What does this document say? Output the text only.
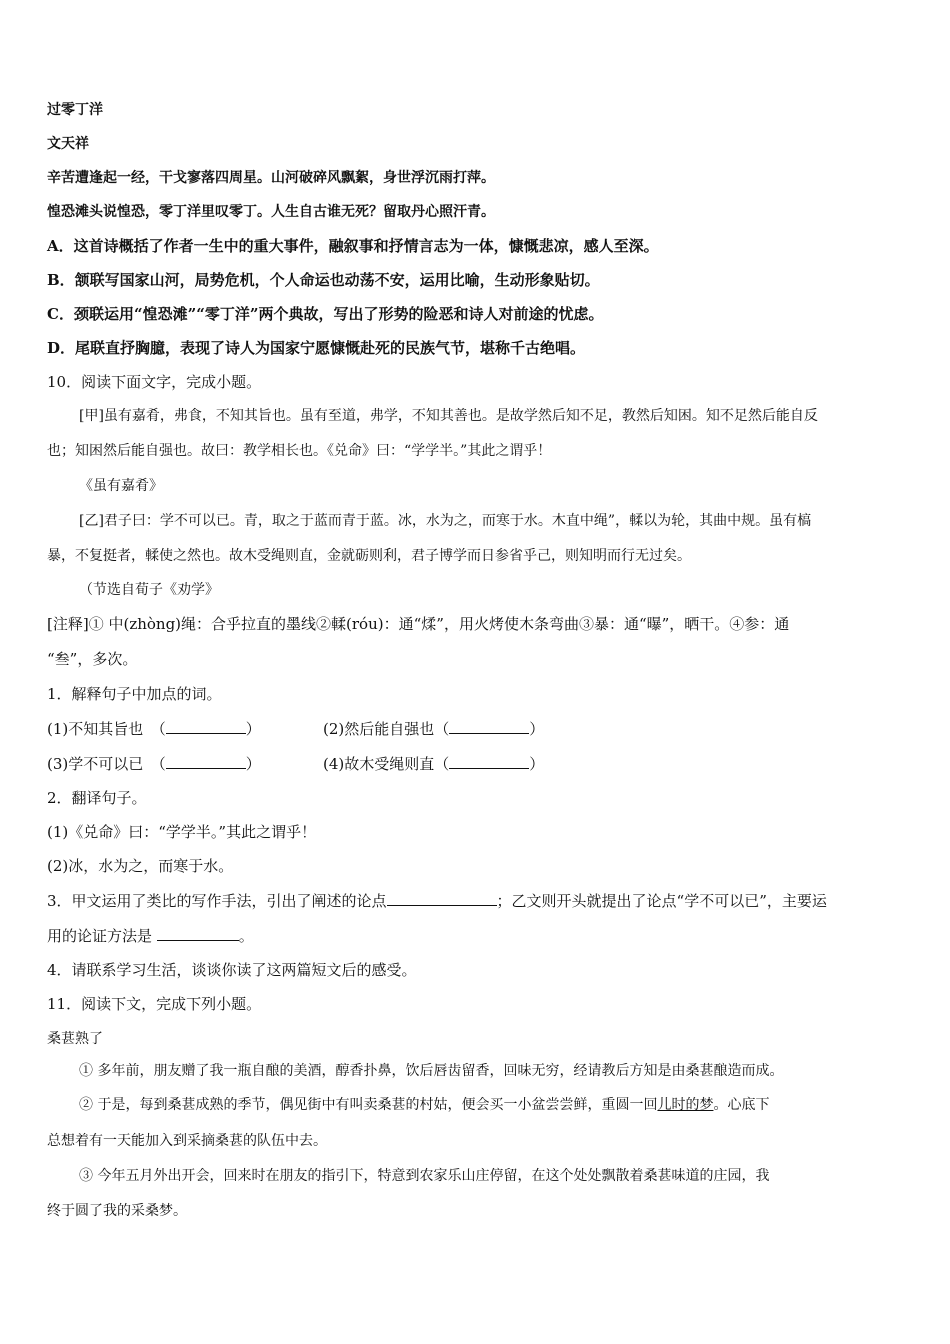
过零丁洋
文天祥
辛苦遭逢起一经，干戈寥落四周星。山河破碎风飘絮，身世浮沉雨打萍。
惶恐滩头说惶恐，零丁洋里叹零丁。人生自古谁无死？留取丹心照汗青。
A．这首诗概括了作者一生中的重大事件，融叙事和抒情言志为一体，慷慨悲凉，感人至深。
B．颔联写国家山河，局势危机，个人命运也动荡不安，运用比喻，生动形象贴切。
C．颈联运用“惶恐滩”“零丁洋”两个典故，写出了形势的险恶和诗人对前途的忧虑。
D．尾联直抒胸臆，表现了诗人为国家宁愿慷慨赴死的民族气节，堪称千古绝唱。
10．阅读下面文字，完成小题。
[甲]虽有嘉肴，弗食，不知其旨也。虽有至道，弗学，不知其善也。是故学然后知不足，教然后知困。知不足然后能自反
也；知困然后能自强也。故曰：教学相长也。《兑命》曰：“学学半。”其此之谓乎！
《虽有嘉肴》
[乙]君子曰：学不可以已。青，取之于蓝而青于蓝。冰，水为之，而寒于水。木直中绳”，輮以为轮，其曲中规。虽有槁
暴，不复挺者，輮使之然也。故木受绳则直，金就砺则利，君子博学而日参省乎己，则知明而行无过矣。
（节选自荀子《劝学》
[注释]① 中(zhòng)绳：合乎拉直的墨线②輮(róu)：通“煣”，用火烤使木条弯曲③暴：通“曝”，晒干。④参：通
“叁”，多次。
1．解释句子中加点的词。
(1)不知其旨也　（	）	(2)然后能自强也（	）
(3)学不可以已　（	）	(4)故木受绳则直（	）
2．翻译句子。
(1)《兑命》曰：“学学半。”其此之谓乎！
(2)冰，水为之，而寒于水。
3．甲文运用了类比的写作手法，引出了阐述的论点	；乙文则开头就提出了论点“学不可以已”，主要运
用的论证方法是	。
4．请联系学习生活，谈谈你读了这两篇短文后的感受。
11．阅读下文，完成下列小题。
桑葚熟了
① 多年前，朋友赠了我一瓶自酿的美酒，醇香扑鼻，饮后唇齿留香，回味无穷，经请教后方知是由桑葚酿造而成。
② 于是，每到桑葚成熟的季节，偶见街中有叫卖桑葚的村姑，便会买一小盆尝尝鲜，重圆一回儿时的梦。心底下
总想着有一天能加入到采摘桑葚的队伍中去。
③ 今年五月外出开会，回来时在朋友的指引下，特意到农家乐山庄停留，在这个处处飘散着桑葚味道的庄园，我
终于圆了我的采桑梦。
